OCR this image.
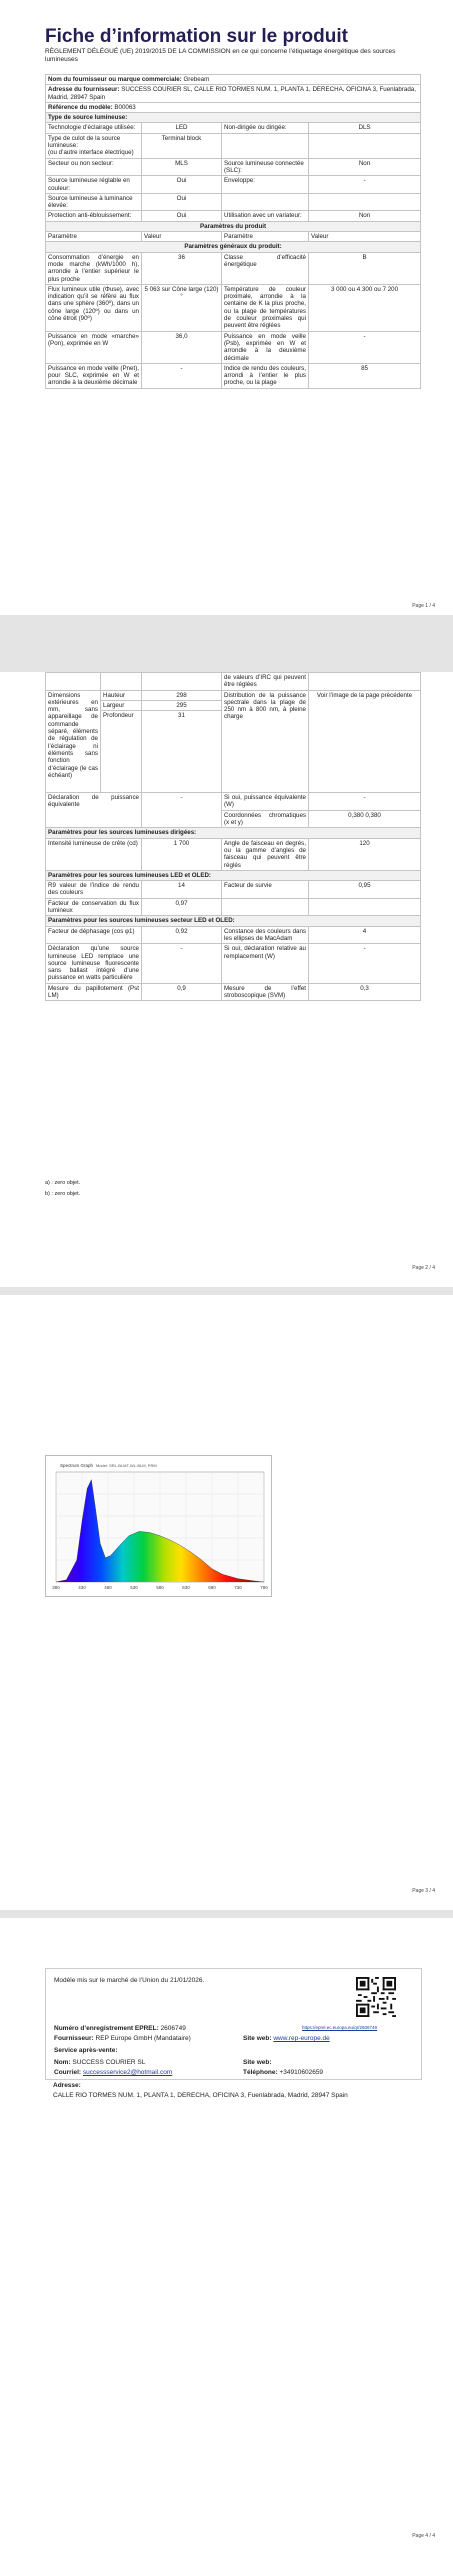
Fiche d’information sur le produit
RÈGLEMENT DÉLÉGUÉ (UE) 2019/2015 DE LA COMMISSION en ce qui concerne l’étiquetage énergétique des sources lumineuses
Nom du fournisseur ou marque commerciale: Grebeam			
Adresse du fournisseur: SUCCESS COURIER SL, CALLE RIO TORMES NUM. 1, PLANTA 1, DERECHA, OFICINA 3, Fuenlabrada, Madrid, 28947 Spain			
Référence du modèle: B00063			
Type de source lumineuse:			
Technologie d’éclairage utilisée:	LED	Non-dirigée ou dirigée:	DLS
Type de culot de la source lumineuse:
(ou d’autre interface électrique)	Terminal block		
Secteur ou non secteur:	MLS	Source lumineuse connectée (SLC):	Non
Source lumineuse réglable en couleur:	Oui	Enveloppe:	-
Source lumineuse à luminance élevée:	Oui		
Protection anti-éblouissement:	Oui	Utilisation avec un variateur:	Non
Paramètres du produit			
Paramètre	Valeur	Paramètre	Valeur
Paramètres généraux du produit:			
Consommation d’énergie en mode marche (kWh/1000 h), arrondie à l’entier supérieur le plus proche	36	Classe d’efficacité énergétique	B
Flux lumineux utile (Φuse), avec indication qu’il se réfère au flux dans une sphère (360º), dans un cône large (120º) ou dans un cône étroit (90º)	5 063 sur Cône large (120)°	Température de couleur proximale, arrondie à la centaine de K la plus proche, ou la plage de températures de couleur proximales qui peuvent être réglées	3 000 ou 4 300 ou 7 200
Puissance en mode «marche» (Pon), exprimée en W	36,0	Puissance en mode veille (Psb), exprimée en W et arrondie à la deuxième décimale	-
Puissance en mode veille (Pnet), pour SLC, exprimée en W et arrondie à la deuxième décimale	-	Indice de rendu des couleurs, arrondi à l’entier le plus proche, ou la plage	85
Page 1 / 4
			de valeurs d’IRC qui peuvent être réglées	
Dimensions extérieures en mm, sans appareillage de commande séparé, éléments de régulation de l’éclairage ni éléments sans fonction d’éclairage (le cas échéant)	Hauteur	298	Distribution de la puissance spectrale dans la plage de 250 nm à 800 nm, à pleine charge	Voir l’image de la page précédente
	Largeur	295		
	Profondeur	31		
Déclaration de puissance équivalente		-	Si oui, puissance équivalente (W)	-
			Coordonnées chromatiques (x et y)	0,380 0,380
Paramètres pour les sources lumineuses dirigées:				
Intensité lumineuse de crête (cd)		1 700	Angle de faisceau en degrés, ou la gamme d’angles de faisceau qui peuvent être réglés	120
Paramètres pour les sources lumineuses LED et OLED:				
R9 valeur de l’indice de rendu des couleurs		14	Facteur de survie	0,95
Facteur de conservation du flux lumineux		0,97		
Paramètres pour les sources lumineuses secteur LED et OLED:				
Facteur de déphasage (cos φ1)		0,92	Constance des couleurs dans les ellipses de MacAdam	4
Déclaration qu’une source lumineuse LED remplace une source lumineuse fluorescente sans ballast intégré d’une puissance en watts particulière		-	Si oui, déclaration relative au remplacement (W)	-
Mesure du papillotement (Pst LM)		0,9	Mesure de l’effet stroboscopique (SVM)	0,3
a) : zero objet.
b) : zero objet.
Page 2 / 4
380	430	480	530	580	630	680	730	780
Spectrum Graph Model: SRL-BLMT-WL-BLM, PRM
Page 3 / 4
Modèle mis sur le marché de l’Union du 21/01/2026.
Numéro d’enregistrement EPREL: 2606749	https://eprel.ec.europa.eu/qr/2606749
Fournisseur: REP Europe GmbH (Mandataire)	Site web: www.rep-europe.de
Service après-vente:
Nom: SUCCESS COURIER SL	Site web:
Courriel: successservice2@hotmail.com	Téléphone: +34910602659
Adresse:
CALLE RIO TORMES NUM. 1, PLANTA 1, DERECHA, OFICINA 3, Fuenlabrada, Madrid, 28947 Spain
Page 4 / 4
